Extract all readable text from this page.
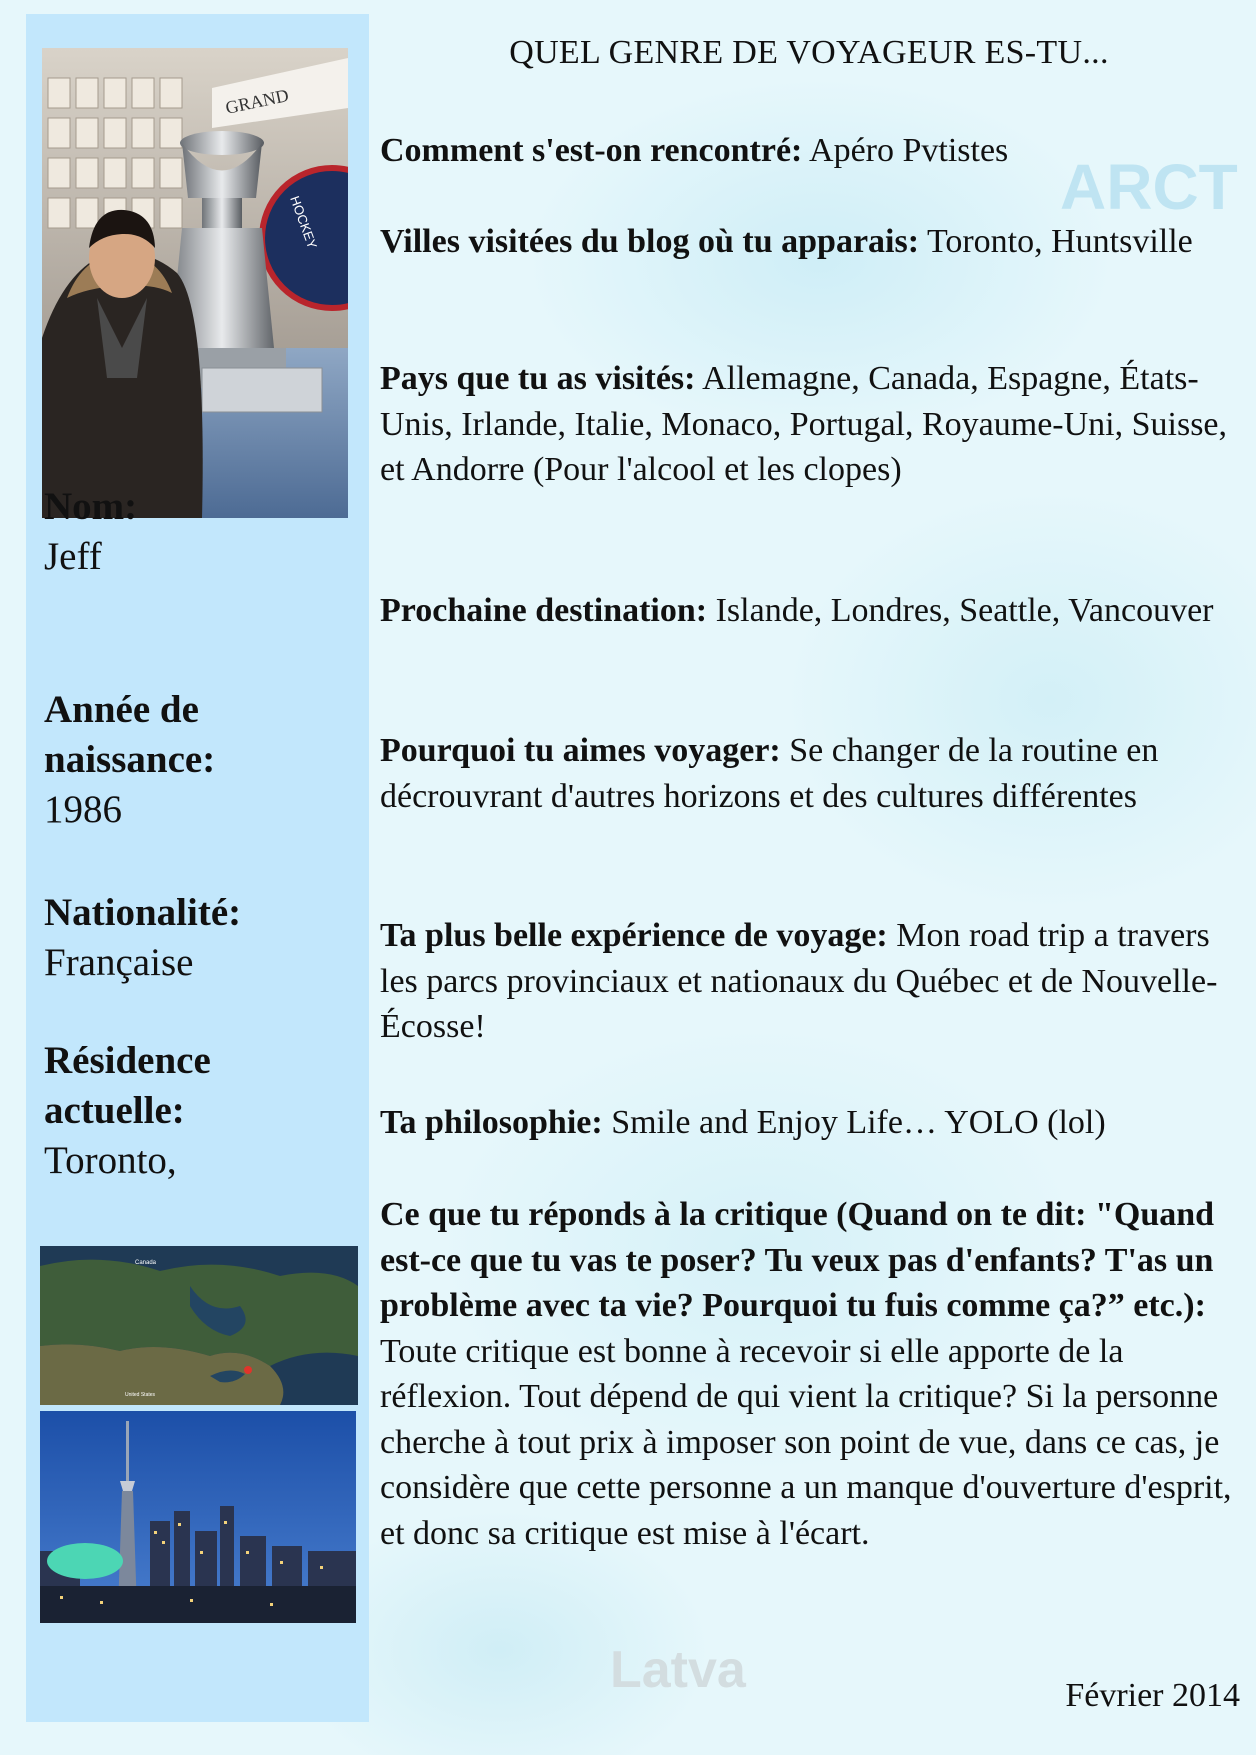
ARCT
Latva
GRAND
HOCKEY
Nom:
Jeff
Année de
naissance:
1986
Nationalité:
Française
Résidence
actuelle:
Toronto,
Canada
United States
QUEL GENRE DE VOYAGEUR ES-TU...
Comment s'est-on rencontré: Apéro Pvtistes
Villes visitées du blog où tu apparais: Toronto, Huntsville
Pays que tu as visités: Allemagne, Canada, Espagne, États-Unis, Irlande, Italie, Monaco, Portugal, Royaume-Uni, Suisse, et Andorre (Pour l'alcool et les clopes)
Prochaine destination: Islande, Londres, Seattle, Vancouver
Pourquoi tu aimes voyager: Se changer de la routine en décrouvrant d'autres horizons et des cultures différentes
Ta plus belle expérience de voyage: Mon road trip a travers les parcs provinciaux et nationaux du Québec et de Nouvelle-Écosse!
Ta philosophie: Smile and Enjoy Life… YOLO (lol)
Ce que tu réponds à la critique (Quand on te dit: "Quand est-ce que tu vas te poser? Tu veux pas d'enfants? T'as un problème avec ta vie? Pourquoi tu fuis comme ça?” etc.): Toute critique est bonne à recevoir si elle apporte de la réflexion. Tout dépend de qui vient la critique? Si la personne cherche à tout prix à imposer son point de vue, dans ce cas, je considère que cette personne a un manque d'ouverture d'esprit, et donc sa critique est mise à l'écart.
Février 2014
